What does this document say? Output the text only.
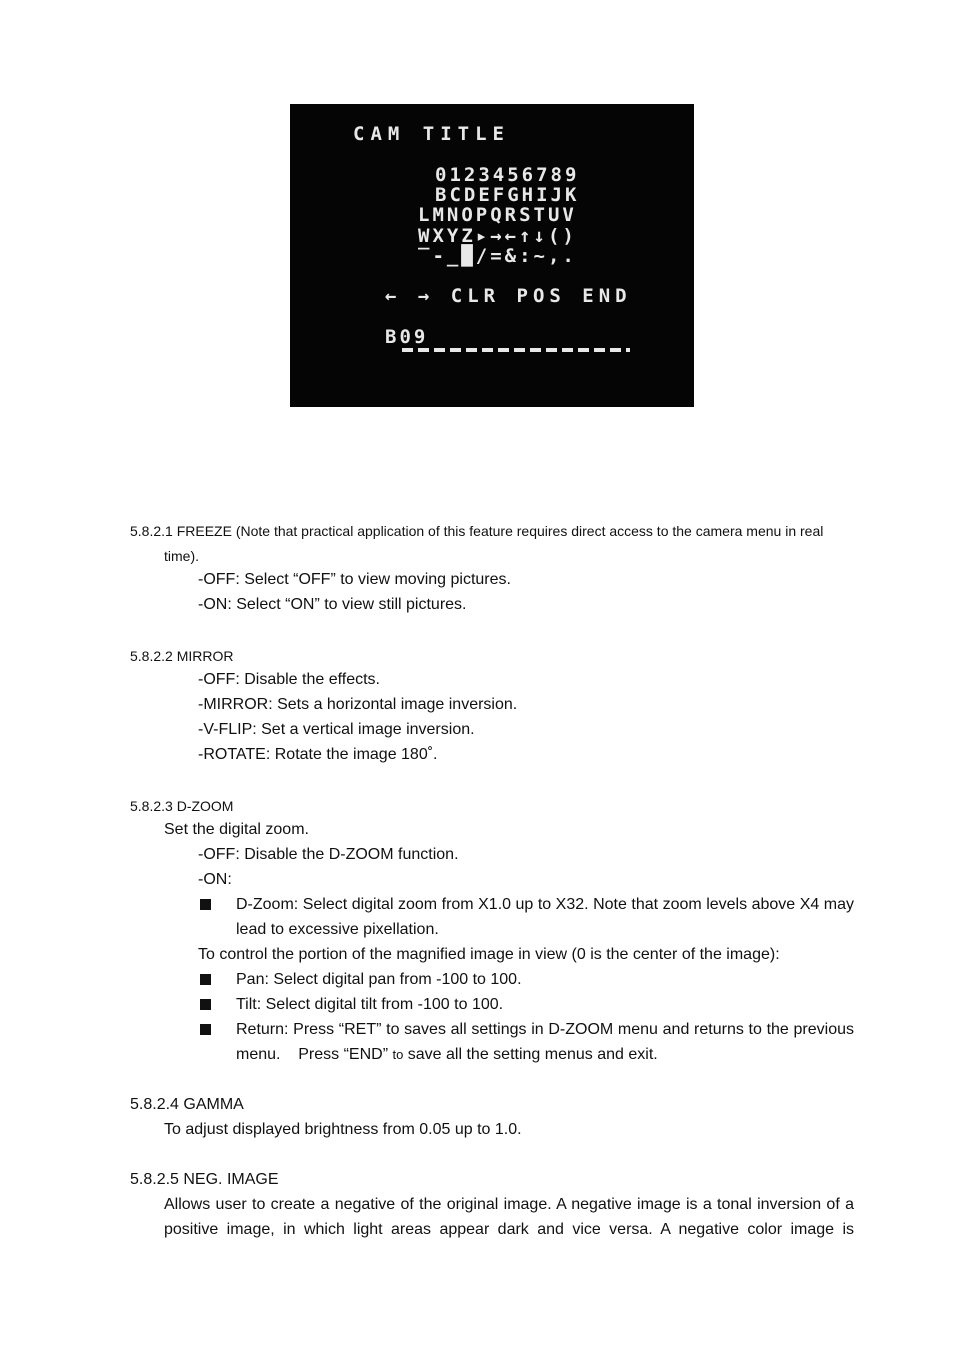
CAM TITLE
0123456789
BCDEFGHIJK
LMNOPQRSTUV
WXYZ▸→←↑↓()
‾-_█/=&:~,.
← → CLR POS END
B09
5.8.2.1 FREEZE (Note that practical application of this feature requires direct access to the camera menu in real
time).
-OFF: Select “OFF” to view moving pictures.
-ON: Select “ON” to view still pictures.
5.8.2.2 MIRROR
-OFF: Disable the effects.
-MIRROR: Sets a horizontal image inversion.
-V-FLIP: Set a vertical image inversion.
-ROTATE: Rotate the image 180˚.
5.8.2.3 D-ZOOM
Set the digital zoom.
-OFF: Disable the D-ZOOM function.
-ON:
D-Zoom: Select digital zoom from X1.0 up to X32. Note that zoom levels above X4 may
lead to excessive pixellation.
To control the portion of the magnified image in view (0 is the center of the image):
Pan: Select digital pan from -100 to 100.
Tilt: Select digital tilt from -100 to 100.
Return: Press “RET” to saves all settings in D-ZOOM menu and returns to the previous
menu.    Press “END” to save all the setting menus and exit.
5.8.2.4 GAMMA
To adjust displayed brightness from 0.05 up to 1.0.
5.8.2.5 NEG. IMAGE
Allows user to create a negative of the original image. A negative image is a tonal inversion of a
positive image, in which light areas appear dark and vice versa. A negative color image is
